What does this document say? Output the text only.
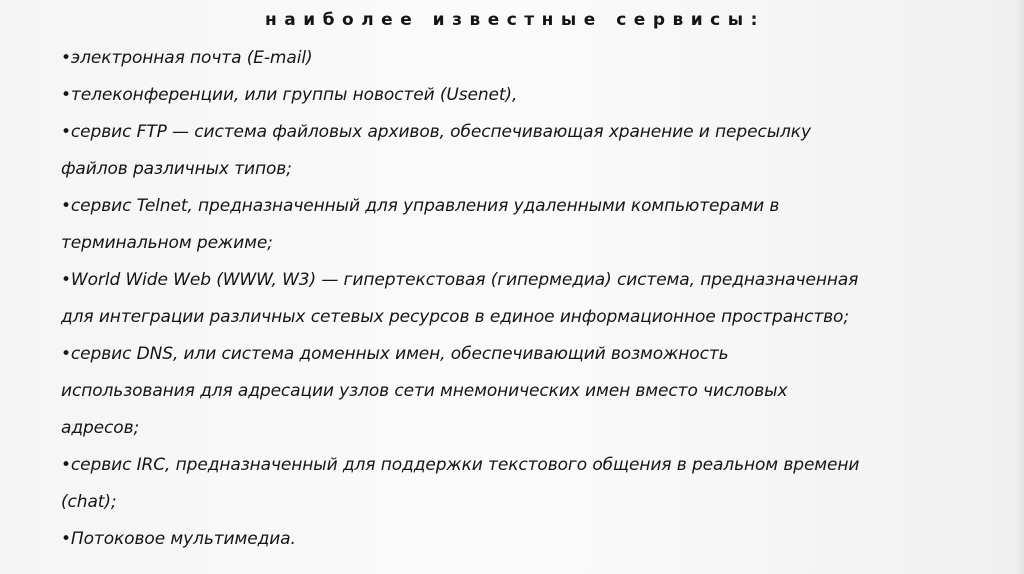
наиболее известные сервисы:
•электронная почта (E-mail)
•телеконференции, или группы новостей (Usenet),
•сервис FTP — система файловых архивов, обеспечивающая хранение и пересылку
файлов различных типов;
•сервис Telnet, предназначенный для управления удаленными компьютерами в
терминальном режиме;
•World Wide Web (WWW, W3) — гипертекстовая (гипермедиа) система, предназначенная
для интеграции различных сетевых ресурсов в единое информационное пространство;
•сервис DNS, или система доменных имен, обеспечивающий возможность
использования для адресации узлов сети мнемонических имен вместо числовых
адресов;
•сервис IRC, предназначенный для поддержки текстового общения в реальном времени
(chat);
•Потоковое мультимедиа.
